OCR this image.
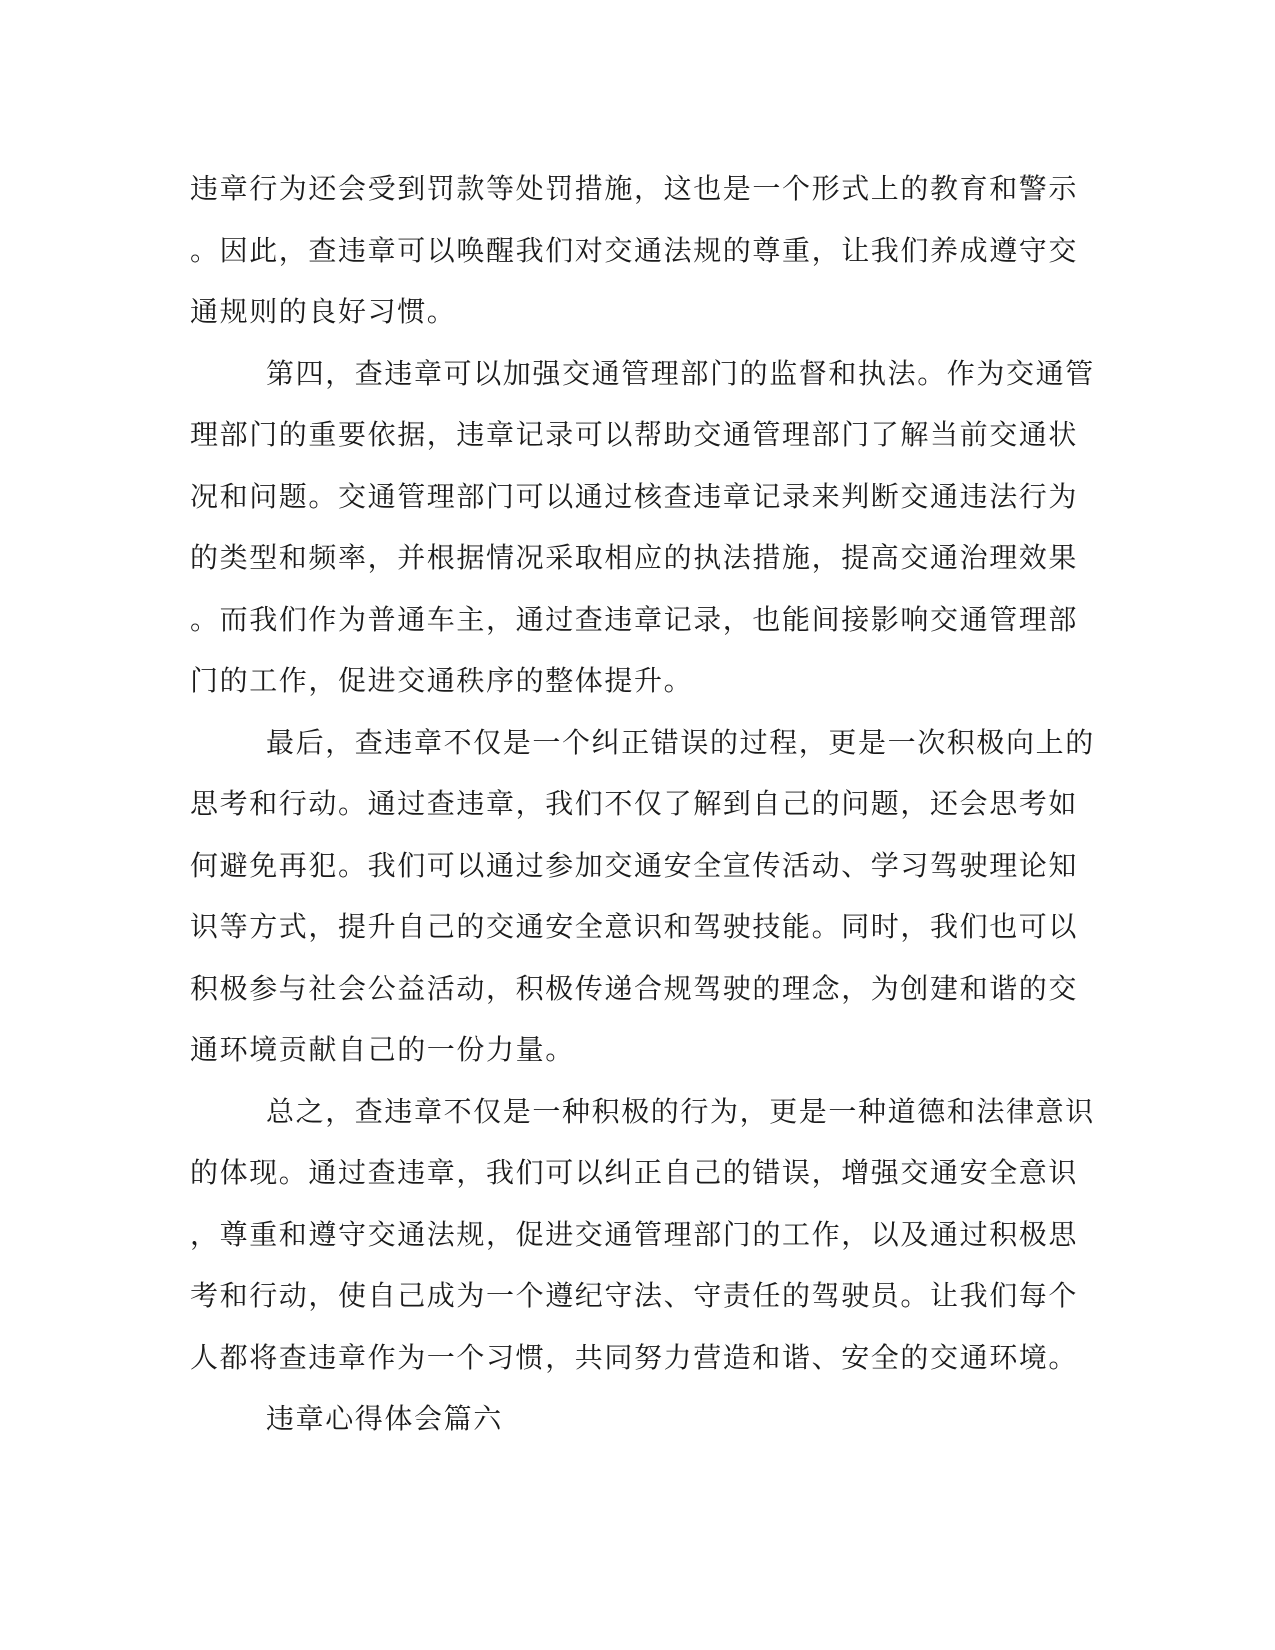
违章行为还会受到罚款等处罚措施，这也是一个形式上的教育和警示
。因此，查违章可以唤醒我们对交通法规的尊重，让我们养成遵守交
通规则的良好习惯。

第四，查违章可以加强交通管理部门的监督和执法。作为交通管
理部门的重要依据，违章记录可以帮助交通管理部门了解当前交通状
况和问题。交通管理部门可以通过核查违章记录来判断交通违法行为
的类型和频率，并根据情况采取相应的执法措施，提高交通治理效果
。而我们作为普通车主，通过查违章记录，也能间接影响交通管理部
门的工作，促进交通秩序的整体提升。

最后，查违章不仅是一个纠正错误的过程，更是一次积极向上的
思考和行动。通过查违章，我们不仅了解到自己的问题，还会思考如
何避免再犯。我们可以通过参加交通安全宣传活动、学习驾驶理论知
识等方式，提升自己的交通安全意识和驾驶技能。同时，我们也可以
积极参与社会公益活动，积极传递合规驾驶的理念，为创建和谐的交
通环境贡献自己的一份力量。

总之，查违章不仅是一种积极的行为，更是一种道德和法律意识
的体现。通过查违章，我们可以纠正自己的错误，增强交通安全意识
，尊重和遵守交通法规，促进交通管理部门的工作，以及通过积极思
考和行动，使自己成为一个遵纪守法、守责任的驾驶员。让我们每个
人都将查违章作为一个习惯，共同努力营造和谐、安全的交通环境。

违章心得体会篇六
